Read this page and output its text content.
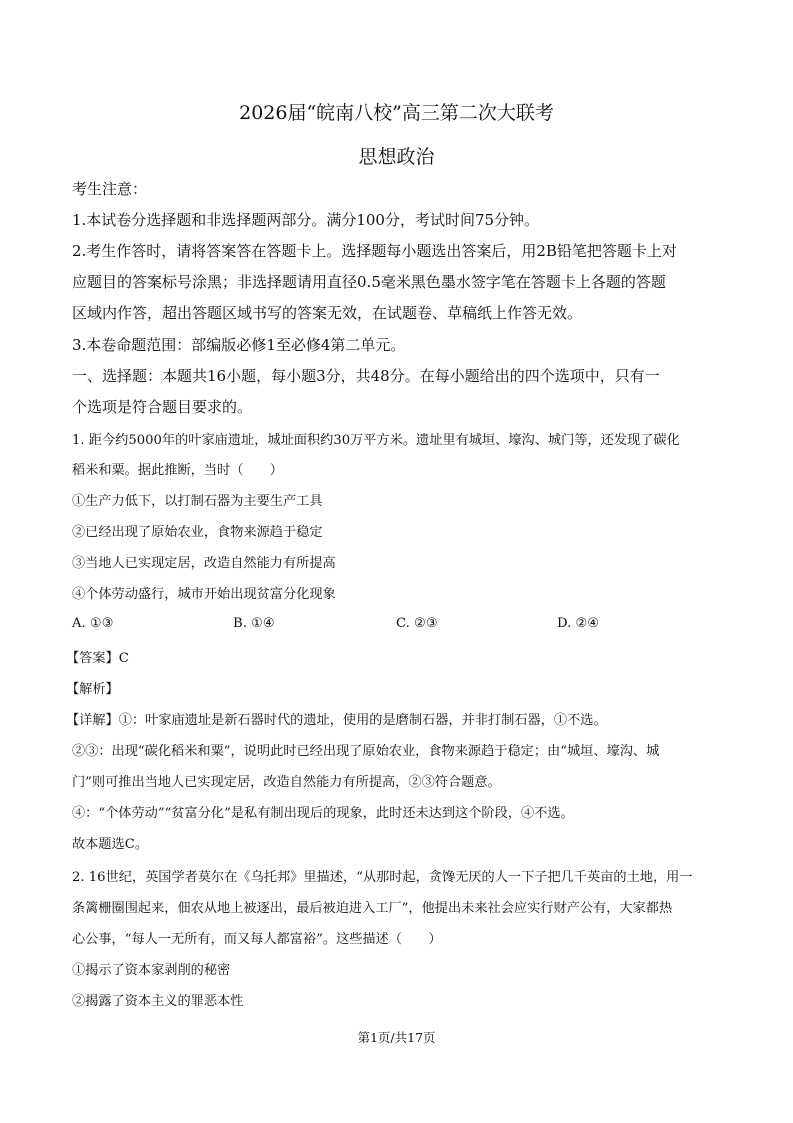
2026届“皖南八校”高三第二次大联考
思想政治
考生注意：
1.本试卷分选择题和非选择题两部分。满分100分，考试时间75分钟。
2.考生作答时，请将答案答在答题卡上。选择题每小题选出答案后，用2B铅笔把答题卡上对
应题目的答案标号涂黑；非选择题请用直径0.5毫米黑色墨水签字笔在答题卡上各题的答题
区域内作答，超出答题区域书写的答案无效，在试题卷、草稿纸上作答无效。
3.本卷命题范围：部编版必修1至必修4第二单元。
一、选择题：本题共16小题，每小题3分，共48分。在每小题给出的四个选项中，只有一
个选项是符合题目要求的。
1. 距今约5000年的叶家庙遗址，城址面积约30万平方米。遗址里有城垣、壕沟、城门等，还发现了碳化
稻米和粟。据此推断，当时（　　）
①生产力低下，以打制石器为主要生产工具
②已经出现了原始农业，食物来源趋于稳定
③当地人已实现定居，改造自然能力有所提高
④个体劳动盛行，城市开始出现贫富分化现象
A. ①③	B. ①④	C. ②③	D. ②④
【答案】C
【解析】
【详解】①：叶家庙遗址是新石器时代的遗址，使用的是磨制石器，并非打制石器，①不选。
②③：出现“碳化稻米和粟”，说明此时已经出现了原始农业，食物来源趋于稳定；由“城垣、壕沟、城
门”则可推出当地人已实现定居，改造自然能力有所提高，②③符合题意。
④：“个体劳动”“贫富分化”是私有制出现后的现象，此时还未达到这个阶段，④不选。
故本题选C。
2. 16世纪，英国学者莫尔在《乌托邦》里描述，“从那时起，贪馋无厌的人一下子把几千英亩的土地，用一
条篱栅圈围起来，佃农从地上被逐出，最后被迫进入工厂”，他提出未来社会应实行财产公有，大家都热
心公事，“每人一无所有，而又每人都富裕”。这些描述（　　）
①揭示了资本家剥削的秘密
②揭露了资本主义的罪恶本性
第1页/共17页
